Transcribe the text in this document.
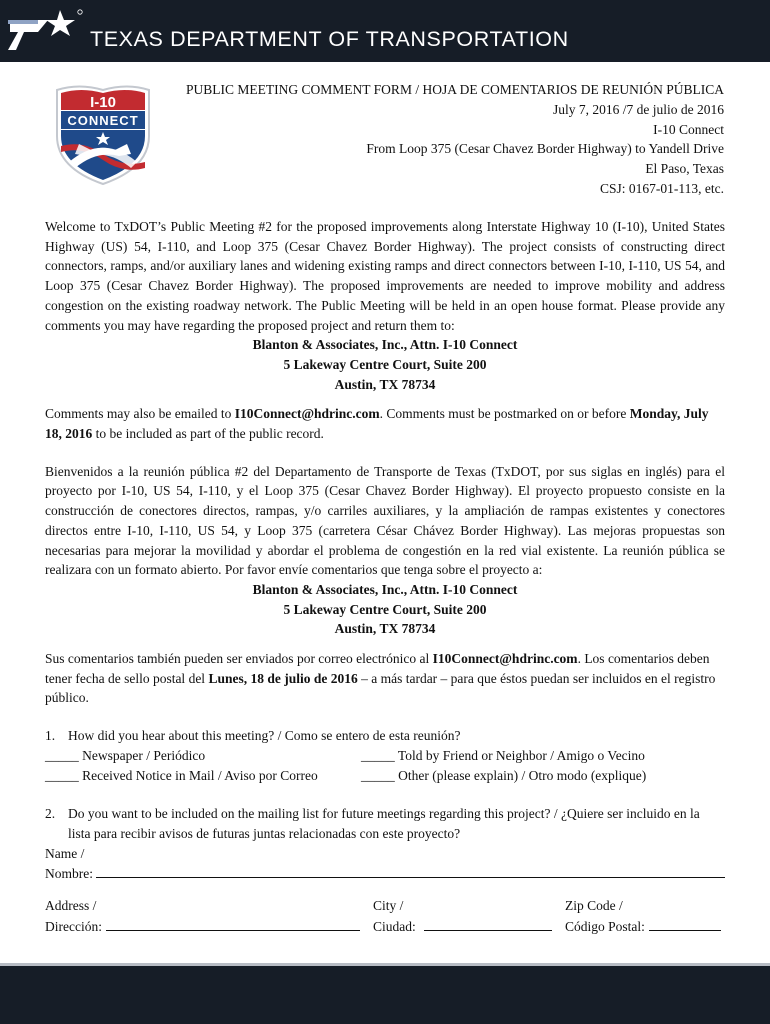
TEXAS DEPARTMENT OF TRANSPORTATION
I-10
CONNECT
PUBLIC MEETING COMMENT FORM / HOJA DE COMENTARIOS DE REUNIÓN PÚBLICA
July 7, 2016 /7 de julio de 2016
I-10 Connect
From Loop 375 (Cesar Chavez Border Highway) to Yandell Drive
El Paso, Texas
CSJ: 0167-01-113, etc.

Welcome to TxDOT’s Public Meeting #2 for the proposed improvements along Interstate Highway 10 (I-10), United States Highway (US) 54, I-110, and Loop 375 (Cesar Chavez Border Highway). The project consists of constructing direct connectors, ramps, and/or auxiliary lanes and widening existing ramps and direct connectors between I-10, I-110, US 54, and Loop 375 (Cesar Chavez Border Highway). The proposed improvements are needed to improve mobility and address congestion on the existing roadway network. The Public Meeting will be held in an open house format. Please provide any comments you may have regarding the proposed project and return them to:

Blanton & Associates, Inc., Attn. I-10 Connect
5 Lakeway Centre Court, Suite 200
Austin, TX 78734

Comments may also be emailed to I10Connect@hdrinc.com. Comments must be postmarked on or before Monday, July 18, 2016 to be included as part of the public record.

Bienvenidos a la reunión pública #2 del Departamento de Transporte de Texas (TxDOT, por sus siglas en inglés) para el proyecto por I-10, US 54, I-110, y el Loop 375 (Cesar Chavez Border Highway). El proyecto propuesto consiste en la construcción de conectores directos, rampas, y/o carriles auxiliares, y la ampliación de rampas existentes y conectores directos entre I-10, I-110, US 54, y Loop 375 (carretera César Chávez Border Highway). Las mejoras propuestas son necesarias para mejorar la movilidad y abordar el problema de congestión en la red vial existente. La reunión pública se realizara con un formato abierto. Por favor envíe comentarios que tenga sobre el proyecto a:

Blanton & Associates, Inc., Attn. I-10 Connect
5 Lakeway Centre Court, Suite 200
Austin, TX 78734

Sus comentarios también pueden ser enviados por correo electrónico al I10Connect@hdrinc.com. Los comentarios deben tener fecha de sello postal del Lunes, 18 de julio de 2016 – a más tardar – para que éstos puedan ser incluidos en el registro público.

1. How did you hear about this meeting? / Como se entero de esta reunión?
_____ Newspaper / Periódico	_____ Told by Friend or Neighbor / Amigo o Vecino
_____ Received Notice in Mail / Aviso por Correo	_____ Other (please explain) / Otro modo (explique)
2. Do you want to be included on the mailing list for future meetings regarding this project? / ¿Quiere ser incluido en la lista para recibir avisos de futuras juntas relacionadas con este proyecto?
Name /
Nombre:
Address /
Dirección:
City /
Ciudad:
Zip Code /
Código Postal:
